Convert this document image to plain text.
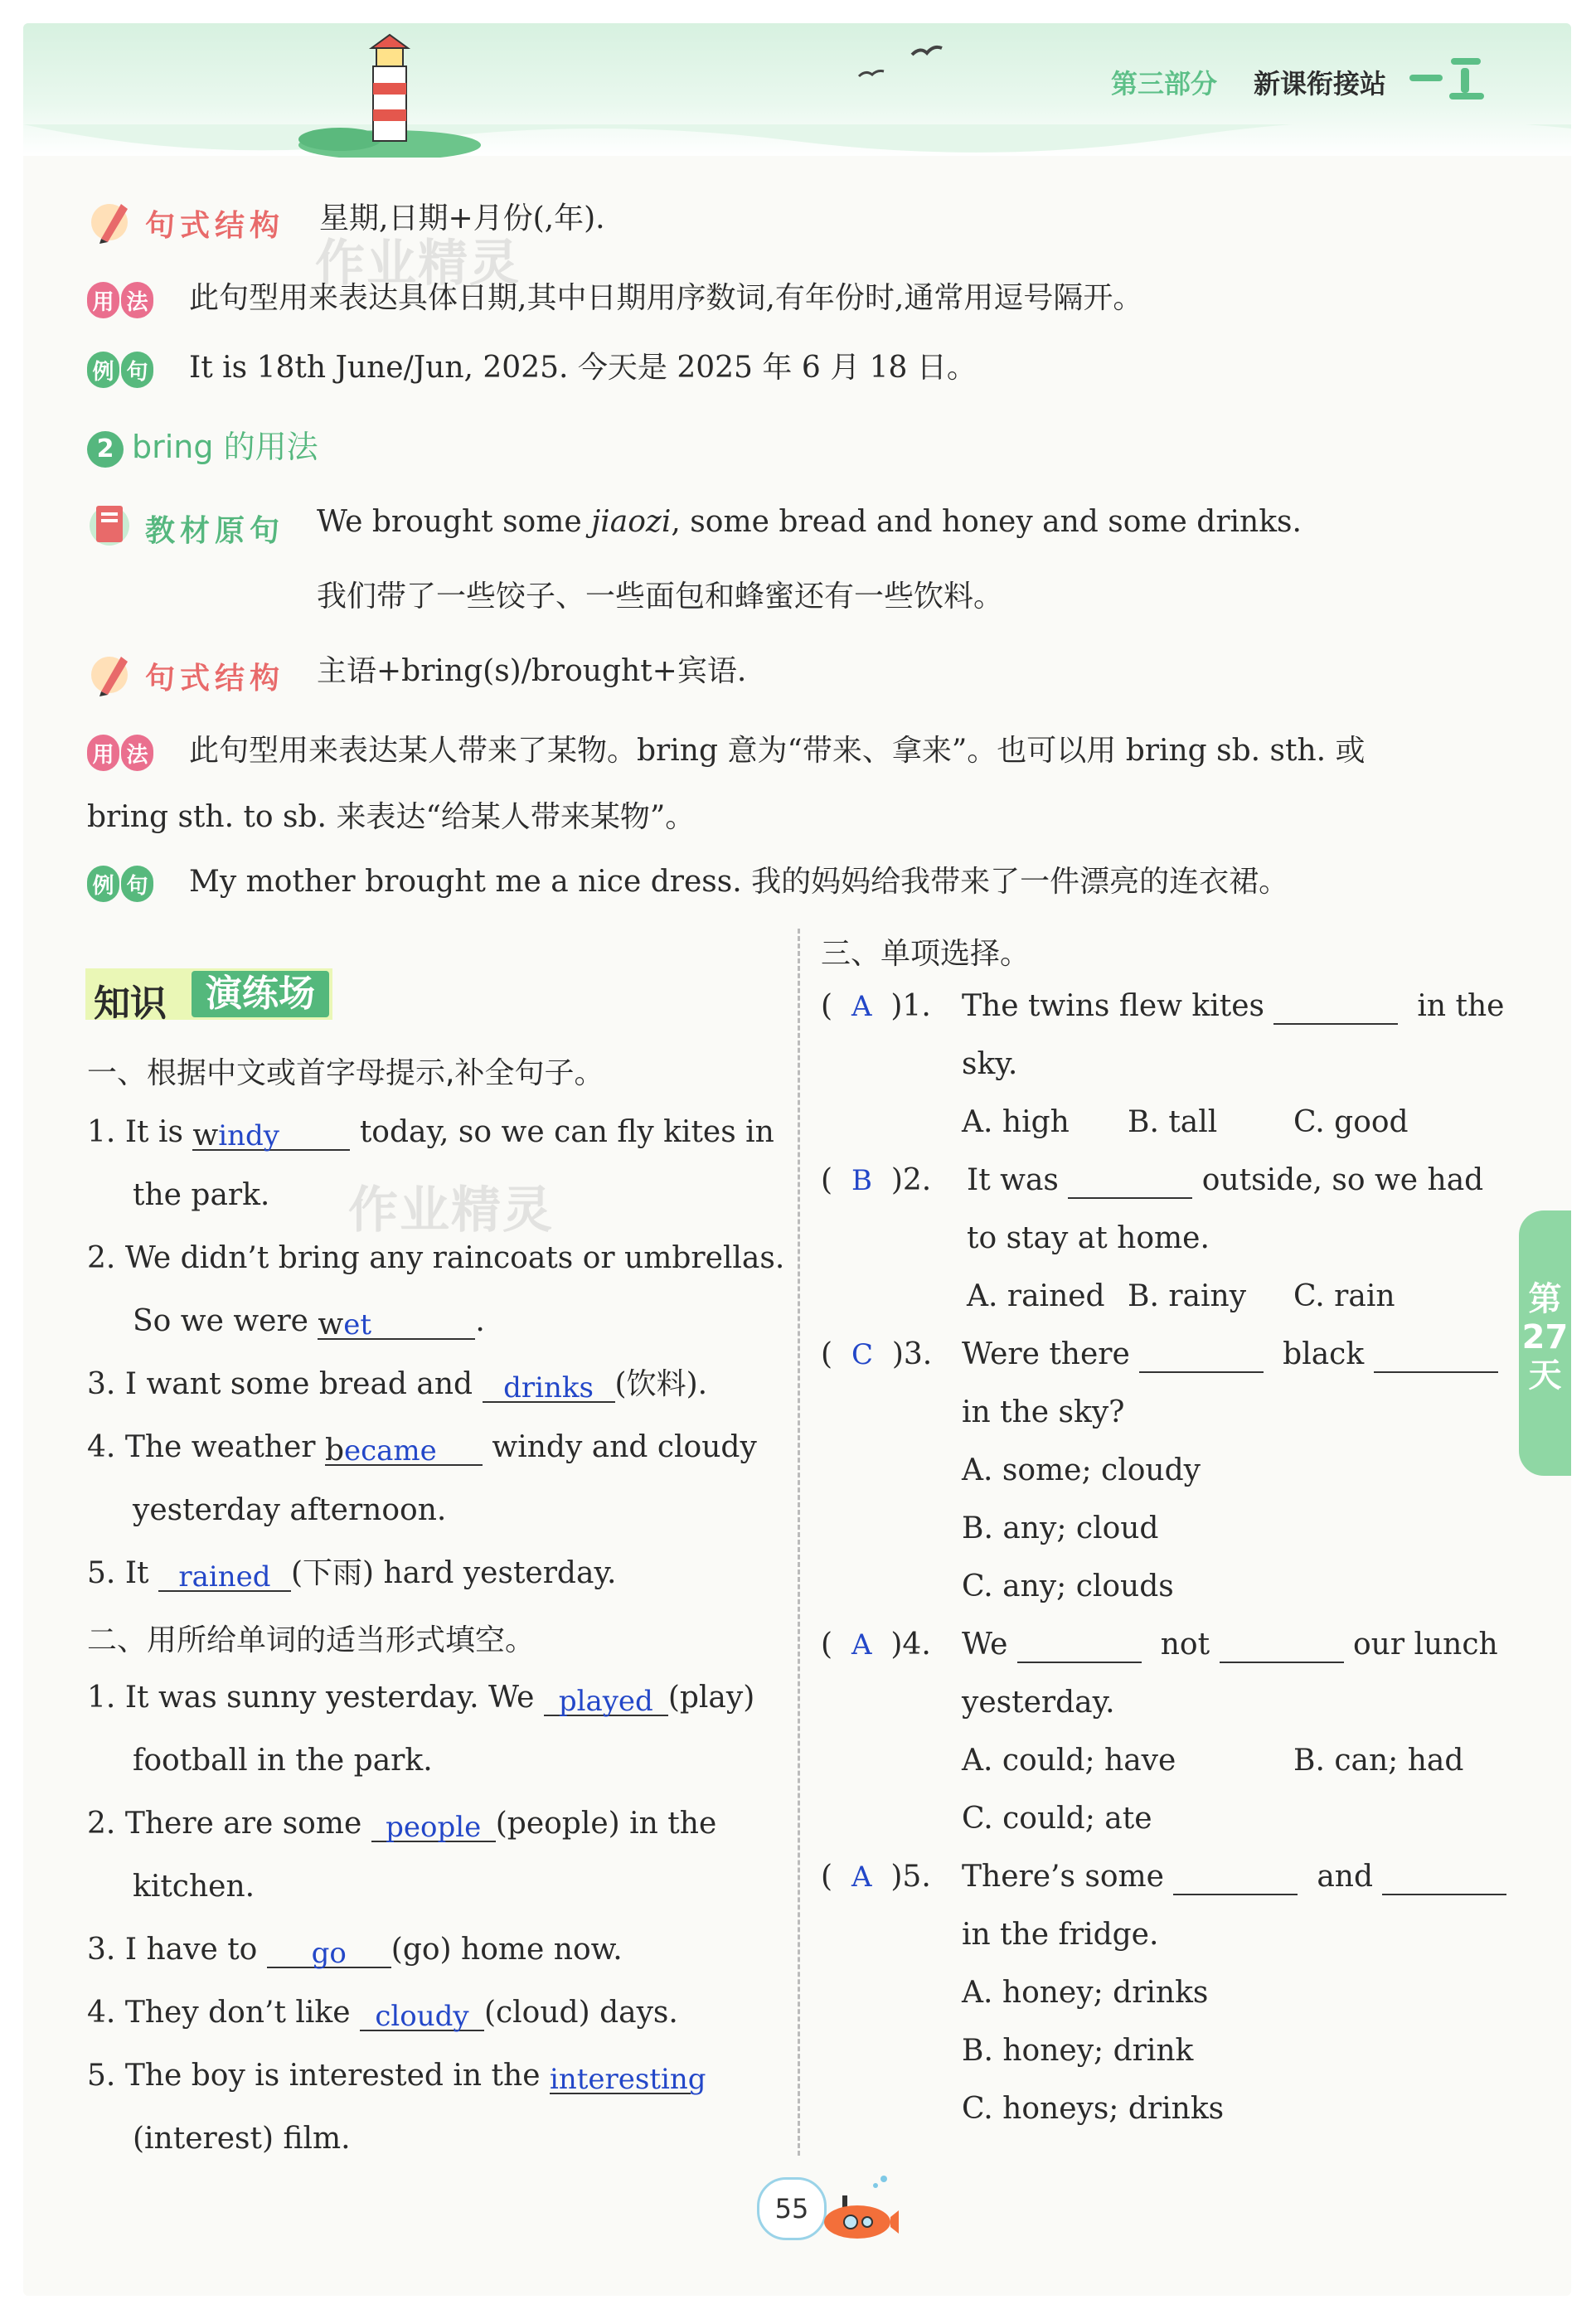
第三部分 新课衔接站
句式结构 星期,日期+月份(,年).
作业精灵
用 法 此句型用来表达具体日期,其中日期用序数词,有年份时,通常用逗号隔开。
例 句 It is 18th June/Jun, 2025. 今天是 2025 年 6 月 18 日。
2 bring 的用法
教材原句 We brought some jiaozi, some bread and honey and some drinks.
我们带了一些饺子、一些面包和蜂蜜还有一些饮料。
句式结构 主语+bring(s)/brought+宾语.
用 法 此句型用来表达某人带来了某物。bring 意为“带来、拿来”。也可以用 bring sb. sth. 或
bring sth. to sb. 来表达“给某人带来某物”。
例 句 My mother brought me a nice dress. 我的妈妈给我带来了一件漂亮的连衣裙。
知识	演练场
一、根据中文或首字母提示,补全句子。
1. It is windy today, so we can fly kites in
the park.
2. We didn’t bring any raincoats or umbrellas.
So we were wet	.
3. I want some bread and drinks (饮料).
4. The weather became windy and cloudy
yesterday afternoon.
5. It rained (下雨) hard yesterday.
作业精灵
二、用所给单词的适当形式填空。
1. It was sunny yesterday. We played (play)
football in the park.
2. There are some people (people) in the
kitchen.
3. I have to go (go) home now.
4. They don’t like cloudy (cloud) days.
5. The boy is interested in the interesting
(interest) film.
三、单项选择。
(  A )1. The twins flew kites	in the
sky.
A. high B. tall	C. good
(  B )2. It was	outside, so we had
to stay at home.
A. rained B. rainy C. rain
(  C )3. Were there	black
in the sky?
A. some; cloudy
B. any; cloud
C. any; clouds
(  A )4. We	not	our lunch
yesterday.
A. could; have	B. can; had
C. could; ate
(  A )5. There’s some	and
in the fridge.
A. honey; drinks
B. honey; drink
C. honeys; drinks
第
27
天
55
